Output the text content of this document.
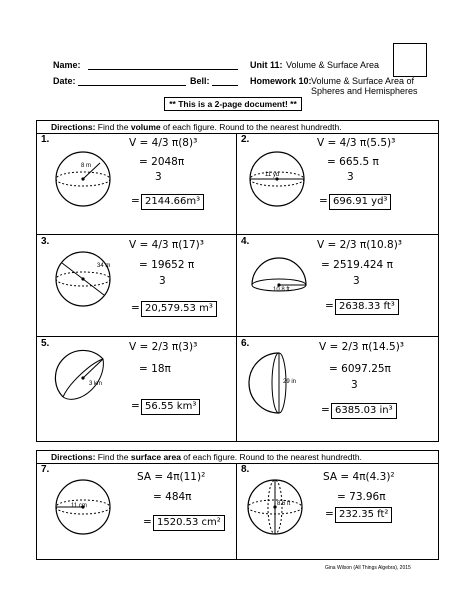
Name:
Date:	Bell:
Unit 11: Volume & Surface Area
Homework 10: Volume & Surface Area of
Spheres and Hemispheres
** This is a 2-page document! **
Directions: Find the volume of each figure. Round to the nearest hundredth.
1.
8 m
V = 4/3 π(8)³
= 2048π
3
= 2144.66m³
2.
11 yd
V = 4/3 π(5.5)³
= 665.5 π
3
= 696.91 yd³
3.
34 m
V = 4/3 π(17)³
= 19652 π
3
= 20,579.53 m³
4.
10.8 ft
V = 2/3 π(10.8)³
= 2519.424 π
3
= 2638.33 ft³
5.
3 km
V = 2/3 π(3)³
= 18π
= 56.55 km³
6.
29 in
V = 2/3 π(14.5)³
= 6097.25π
3
= 6385.03 in³
Directions: Find the surface area of each figure. Round to the nearest hundredth.
7.
11 cm
SA = 4π(11)²
= 484π
= 1520.53 cm²
8.
8.6 ft
SA = 4π(4.3)²
= 73.96π
= 232.35 ft²
Gina Wilson (All Things Algebra), 2015
